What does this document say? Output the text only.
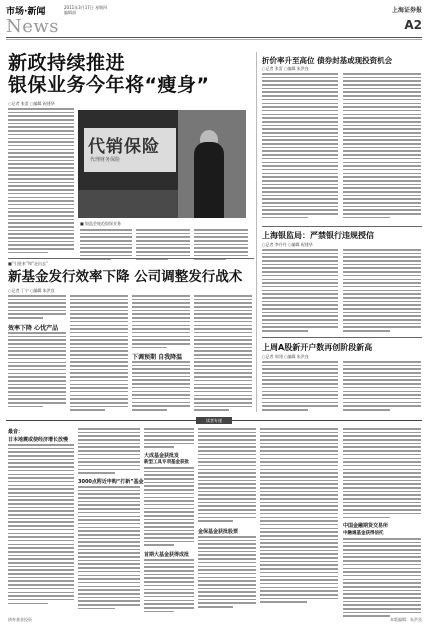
市场·新闻	2011年3月17日 星期四
编辑部
News
上海证券报
A2
新政持续推进
银保业务今年将“瘦身”
○记者 张雷 ○编辑 祝建华
代销保险
代理财务保险
■ 银监会规范银保业务
折价率升至高位 债券封基或现投资机会
○记者 张雷 ○编辑 朱洪良
上海银监局：严禁银行违规授信
○记者 李丹丹 ○编辑 祝建华
上周A股新开户数再创阶段新高
○记者 周翎 ○编辑 朱洪良
■“引进来”和“走出去”
新基金发行效率下降 公司调整发行战术
○记者 丁宁 ○编辑 朱洪良
效率下降 心忧产品
下调预期 自我降温
读者专递
最音：
日本地震或使经济增长放慢
3000点附近申购“打新”基金
大成基金获批发
新型工具专项基金获批
首期大基金获得成批
金保基金获批股票
中国金融期货交易所
中融通基金获得信托
债券基金投资	本版编辑：朱洪良
